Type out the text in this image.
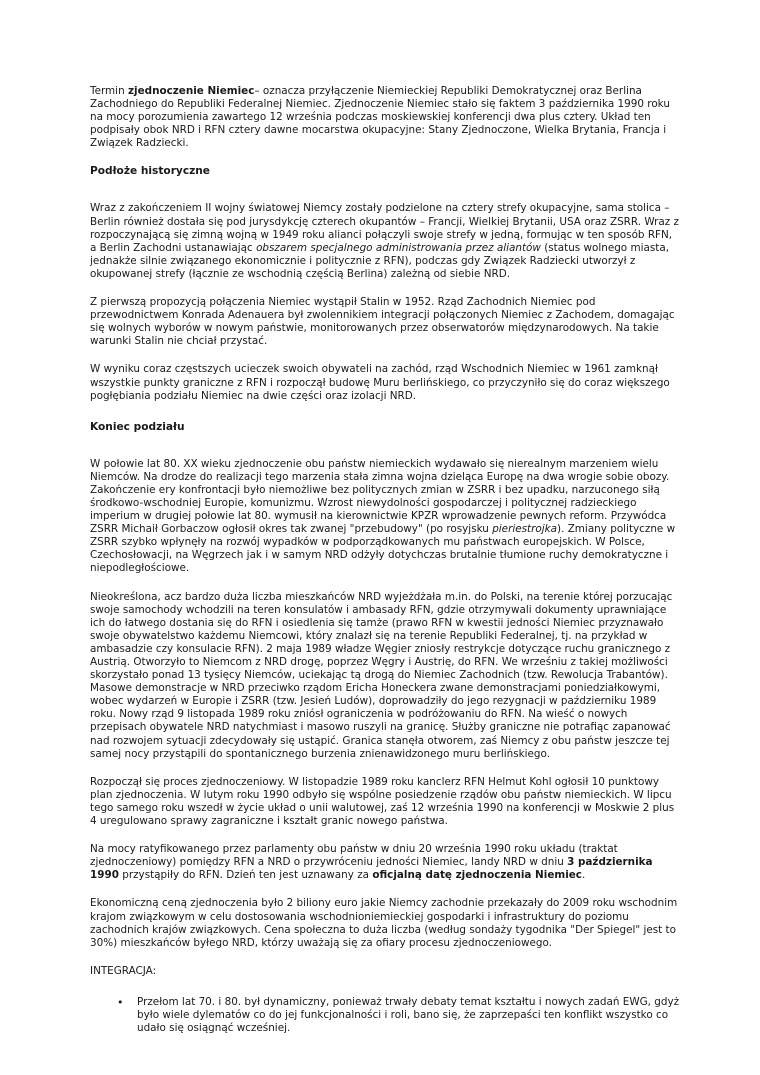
Termin zjednoczenie Niemiec– oznacza przyłączenie Niemieckiej Republiki Demokratycznej oraz Berlina Zachodniego do Republiki Federalnej Niemiec. Zjednoczenie Niemiec stało się faktem 3 października 1990 roku na mocy porozumienia zawartego 12 września podczas moskiewskiej konferencji dwa plus cztery. Układ ten podpisały obok NRD i RFN cztery dawne mocarstwa okupacyjne: Stany Zjednoczone, Wielka Brytania, Francja i Związek Radziecki.

Podłoże historyczne

Wraz z zakończeniem II wojny światowej Niemcy zostały podzielone na cztery strefy okupacyjne, sama stolica – Berlin również dostała się pod jurysdykcję czterech okupantów – Francji, Wielkiej Brytanii, USA oraz ZSRR. Wraz z rozpoczynającą się zimną wojną w 1949 roku alianci połączyli swoje strefy w jedną, formując w ten sposób RFN, a Berlin Zachodni ustanawiając obszarem specjalnego administrowania przez aliantów (status wolnego miasta, jednakże silnie związanego ekonomicznie i politycznie z RFN), podczas gdy Związek Radziecki utworzył z okupowanej strefy (łącznie ze wschodnią częścią Berlina) zależną od siebie NRD.

Z pierwszą propozycją połączenia Niemiec wystąpił Stalin w 1952. Rząd Zachodnich Niemiec pod przewodnictwem Konrada Adenauera był zwolennikiem integracji połączonych Niemiec z Zachodem, domagając się wolnych wyborów w nowym państwie, monitorowanych przez obserwatorów międzynarodowych. Na takie warunki Stalin nie chciał przystać.

W wyniku coraz częstszych ucieczek swoich obywateli na zachód, rząd Wschodnich Niemiec w 1961 zamknął wszystkie punkty graniczne z RFN i rozpoczął budowę Muru berlińskiego, co przyczyniło się do coraz większego pogłębiania podziału Niemiec na dwie części oraz izolacji NRD.

Koniec podziału

W połowie lat 80. XX wieku zjednoczenie obu państw niemieckich wydawało się nierealnym marzeniem wielu Niemców. Na drodze do realizacji tego marzenia stała zimna wojna dzieląca Europę na dwa wrogie sobie obozy. Zakończenie ery konfrontacji było niemożliwe bez politycznych zmian w ZSRR i bez upadku, narzuconego siłą środkowo-wschodniej Europie, komunizmu. Wzrost niewydolności gospodarczej i politycznej radzieckiego imperium w drugiej połowie lat 80. wymusił na kierownictwie KPZR wprowadzenie pewnych reform. Przywódca ZSRR Michaił Gorbaczow ogłosił okres tak zwanej "przebudowy" (po rosyjsku pieriestrojka). Zmiany polityczne w ZSRR szybko wpłynęły na rozwój wypadków w podporządkowanych mu państwach europejskich. W Polsce, Czechosłowacji, na Węgrzech jak i w samym NRD odżyły dotychczas brutalnie tłumione ruchy demokratyczne i niepodległościowe.

Nieokreślona, acz bardzo duża liczba mieszkańców NRD wyjeżdżała m.in. do Polski, na terenie której porzucając swoje samochody wchodzili na teren konsulatów i ambasady RFN, gdzie otrzymywali dokumenty uprawniające ich do łatwego dostania się do RFN i osiedlenia się tamże (prawo RFN w kwestii jedności Niemiec przyznawało swoje obywatelstwo każdemu Niemcowi, który znalazł się na terenie Republiki Federalnej, tj. na przykład w ambasadzie czy konsulacie RFN). 2 maja 1989 władze Węgier zniosły restrykcje dotyczące ruchu granicznego z Austrią. Otworzyło to Niemcom z NRD drogę, poprzez Węgry i Austrię, do RFN. We wrześniu z takiej możliwości skorzystało ponad 13 tysięcy Niemców, uciekając tą drogą do Niemiec Zachodnich (tzw. Rewolucja Trabantów). Masowe demonstracje w NRD przeciwko rządom Ericha Honeckera zwane demonstracjami poniedziałkowymi, wobec wydarzeń w Europie i ZSRR (tzw. Jesień Ludów), doprowadziły do jego rezygnacji w październiku 1989 roku. Nowy rząd 9 listopada 1989 roku zniósł ograniczenia w podróżowaniu do RFN. Na wieść o nowych przepisach obywatele NRD natychmiast i masowo ruszyli na granicę. Służby graniczne nie potrafiąc zapanować nad rozwojem sytuacji zdecydowały się ustąpić. Granica stanęła otworem, zaś Niemcy z obu państw jeszcze tej samej nocy przystąpili do spontanicznego burzenia znienawidzonego muru berlińskiego.

Rozpoczął się proces zjednoczeniowy. W listopadzie 1989 roku kanclerz RFN Helmut Kohl ogłosił 10 punktowy plan zjednoczenia. W lutym roku 1990 odbyło się wspólne posiedzenie rządów obu państw niemieckich. W lipcu tego samego roku wszedł w życie układ o unii walutowej, zaś 12 września 1990 na konferencji w Moskwie 2 plus 4 uregulowano sprawy zagraniczne i kształt granic nowego państwa.

Na mocy ratyfikowanego przez parlamenty obu państw w dniu 20 września 1990 roku układu (traktat zjednoczeniowy) pomiędzy RFN a NRD o przywróceniu jedności Niemiec, landy NRD w dniu 3 października 1990 przystąpiły do RFN. Dzień ten jest uznawany za oficjalną datę zjednoczenia Niemiec.

Ekonomiczną ceną zjednoczenia było 2 biliony euro jakie Niemcy zachodnie przekazały do 2009 roku wschodnim krajom związkowym w celu dostosowania wschodnioniemieckiej gospodarki i infrastruktury do poziomu zachodnich krajów związkowych. Cena społeczna to duża liczba (według sondaży tygodnika "Der Spiegel" jest to 30%) mieszkańców byłego NRD, którzy uważają się za ofiary procesu zjednoczeniowego.

INTEGRACJA:
• Przełom lat 70. i 80. był dynamiczny, ponieważ trwały debaty temat kształtu i nowych zadań EWG, gdyż było wiele dylematów co do jej funkcjonalności i roli, bano się, że zaprzepaści ten konflikt wszystko co udało się osiągnąć wcześniej.
